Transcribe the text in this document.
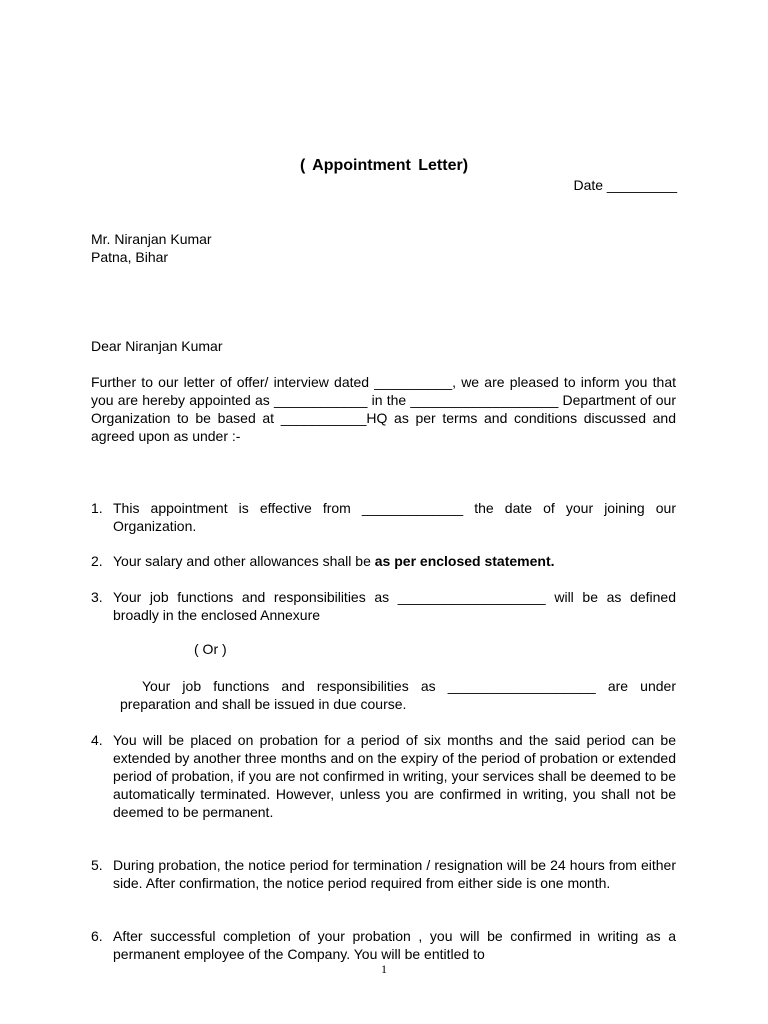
( Appointment Letter)
Date _________
Mr. Niranjan Kumar
Patna, Bihar
Dear Niranjan Kumar
Further to our letter of offer/ interview dated __________, we are pleased to inform you that you are hereby appointed as ____________ in the ___________________ Department of our Organization to be based at ___________HQ as per terms and conditions discussed and agreed upon as under :-
1. This appointment is effective from _____________ the date of your joining our Organization.
2. Your salary and other allowances shall be as per enclosed statement.
3. Your job functions and responsibilities as ___________________ will be as defined broadly in the enclosed Annexure
( Or )
Your job functions and responsibilities as ___________________ are under preparation and shall be issued in due course.
4. You will be placed on probation for a period of six months and the said period can be extended by another three months and on the expiry of the period of probation or extended period of probation, if you are not confirmed in writing, your services shall be deemed to be automatically terminated. However, unless you are confirmed in writing, you shall not be deemed to be permanent.
5. During probation, the notice period for termination / resignation will be 24 hours from either side. After confirmation, the notice period required from either side is one month.
6. After successful completion of your probation , you will be confirmed in writing as a permanent employee of the Company. You will be entitled to
1
